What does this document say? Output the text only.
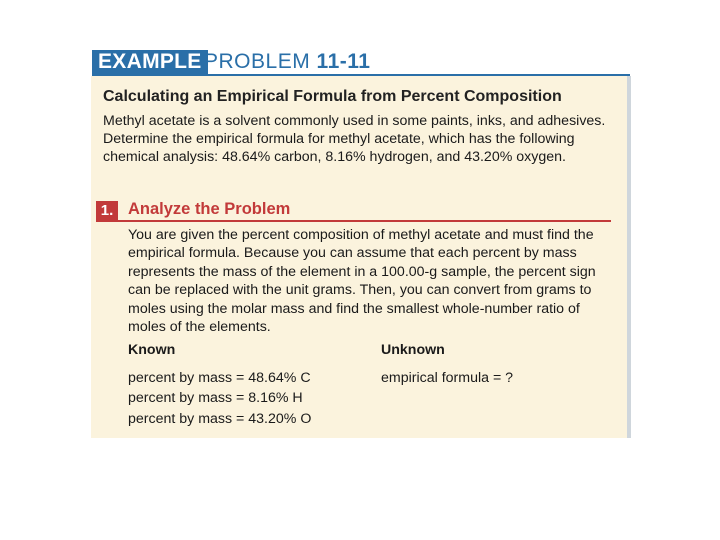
EXAMPLE PROBLEM 11-11
Calculating an Empirical Formula from Percent Composition

Methyl acetate is a solvent commonly used in some paints, inks, and adhesives. Determine the empirical formula for methyl acetate, which has the following chemical analysis: 48.64% carbon, 8.16% hydrogen, and 43.20% oxygen.

1. Analyze the Problem

You are given the percent composition of methyl acetate and must find the empirical formula. Because you can assume that each percent by mass represents the mass of the element in a 100.00-g sample, the percent sign can be replaced with the unit grams. Then, you can convert from grams to moles using the molar mass and find the smallest whole-number ratio of moles of the elements.

Known	Unknown
percent by mass = 48.64% C
percent by mass = 8.16% H
percent by mass = 43.20% O
empirical formula = ?
